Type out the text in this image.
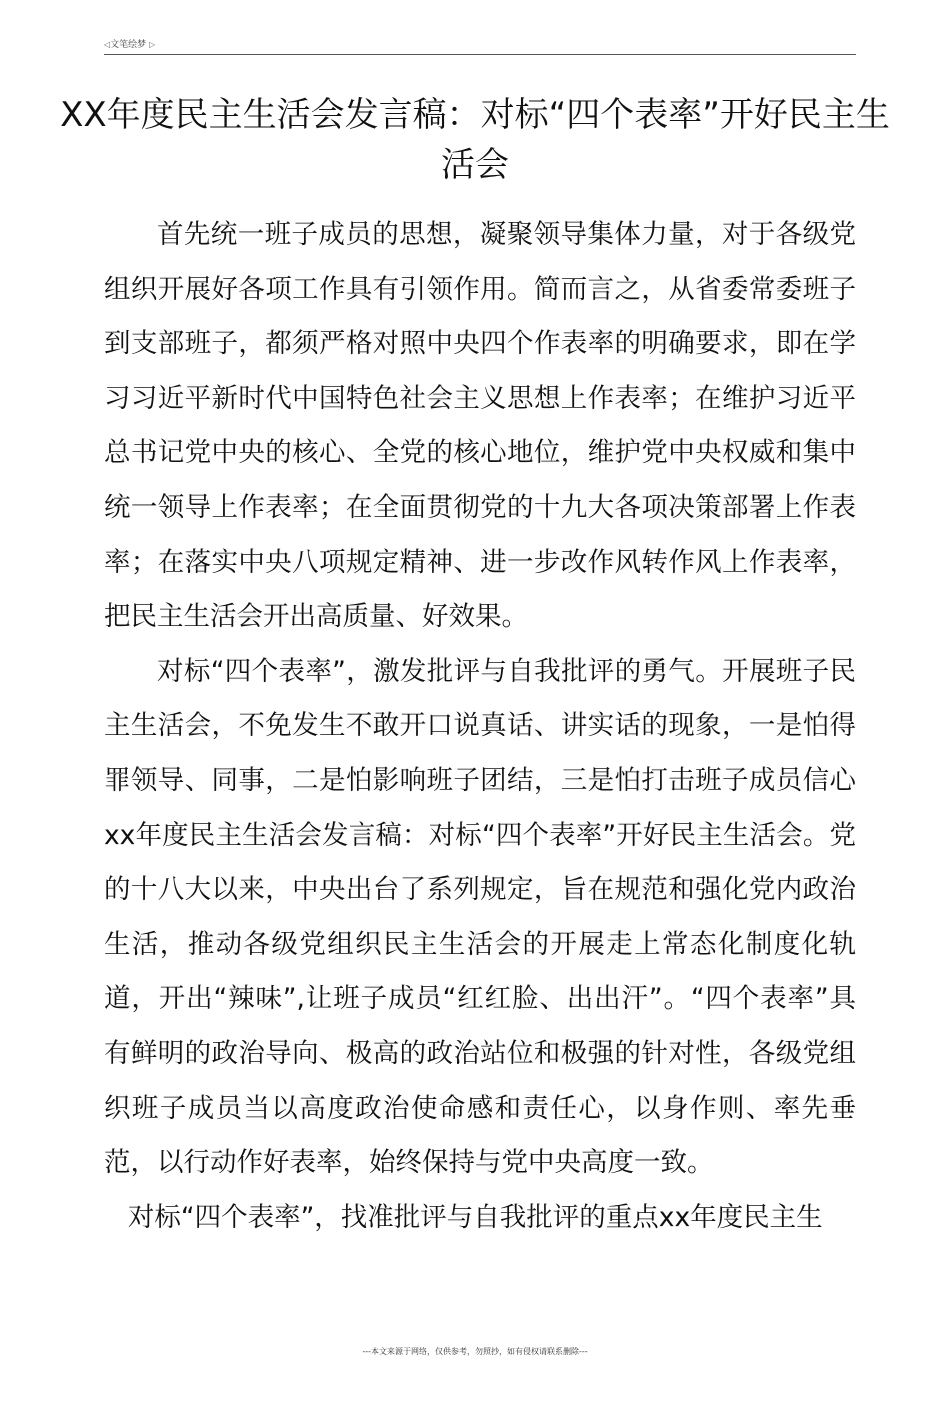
◁文笔绘梦 ▷
XX年度民主生活会发言稿：对标“四个表率”开好民主生活会

首先统一班子成员的思想，凝聚领导集体力量，对于各级党组织开展好各项工作具有引领作用。简而言之，从省委常委班子到支部班子，都须严格对照中央四个作表率的明确要求，即在学习习近平新时代中国特色社会主义思想上作表率；在维护习近平总书记党中央的核心、全党的核心地位，维护党中央权威和集中统一领导上作表率；在全面贯彻党的十九大各项决策部署上作表率；在落实中央八项规定精神、进一步改作风转作风上作表率，把民主生活会开出高质量、好效果。

对标“四个表率”，激发批评与自我批评的勇气。开展班子民主生活会，不免发生不敢开口说真话、讲实话的现象，一是怕得罪领导、同事，二是怕影响班子团结，三是怕打击班子成员信心xx年度民主生活会发言稿：对标“四个表率”开好民主生活会。党的十八大以来，中央出台了系列规定，旨在规范和强化党内政治生活，推动各级党组织民主生活会的开展走上常态化制度化轨道，开出“辣味”,让班子成员“红红脸、出出汗”。“四个表率”具有鲜明的政治导向、极高的政治站位和极强的针对性，各级党组织班子成员当以高度政治使命感和责任心，以身作则、率先垂范，以行动作好表率，始终保持与党中央高度一致。

对标“四个表率”，找准批评与自我批评的重点xx年度民主生

---本文来源于网络，仅供参考，勿照抄，如有侵权请联系删除---
